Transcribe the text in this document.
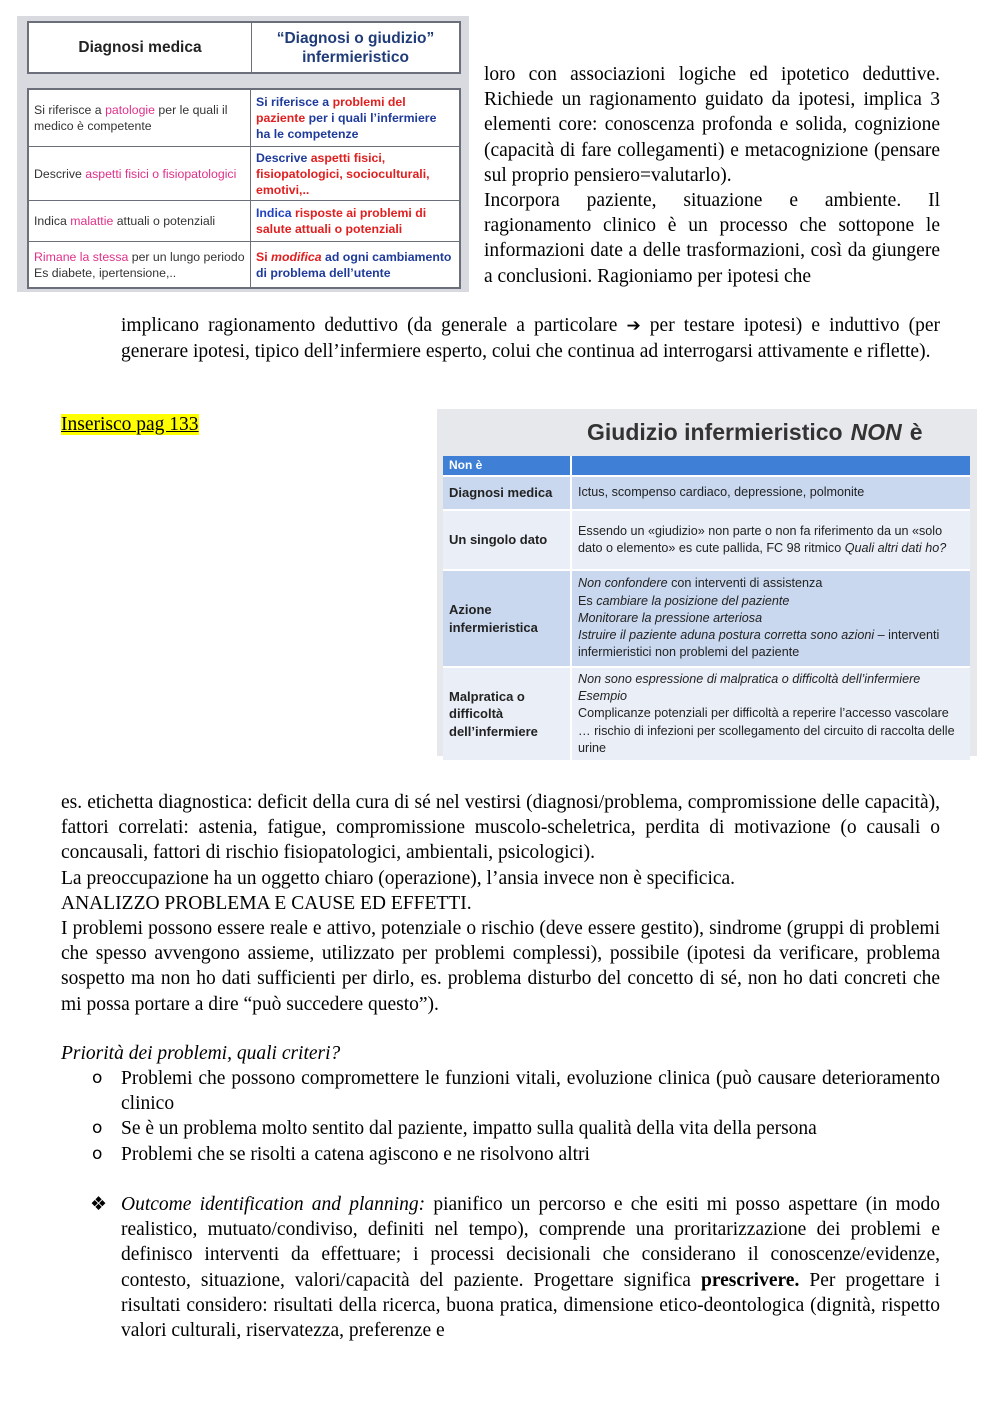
Diagnosi medica
“Diagnosi o giudizio” infermieristico
Si riferisce a patologie per le quali il medico è competente
Si riferisce a problemi del paziente per i quali l’infermiere ha le competenze
Descrive aspetti fisici o fisiopatologici
Descrive aspetti fisici, fisiopatologici, socioculturali, emotivi,..
Indica malattie attuali o potenziali
Indica risposte ai problemi di salute attuali o potenziali
Rimane la stessa per un lungo periodo Es diabete, ipertensione,..
Si modifica ad ogni cambiamento di problema dell’utente

loro con associazioni logiche ed ipotetico deduttive. Richiede un ragionamento guidato da ipotesi, implica 3 elementi core: conoscenza profonda e solida, cognizione (capacità di fare collegamenti) e metacognizione (pensare sul proprio pensiero=valutarlo).

Incorpora paziente, situazione e ambiente. Il ragionamento clinico è un processo che sottopone le informazioni date a delle trasformazioni, così da giungere a conclusioni. Ragioniamo per ipotesi che

implicano ragionamento deduttivo (da generale a particolare ➔ per testare ipotesi) e induttivo (per generare ipotesi, tipico dell’infermiere esperto, colui che continua ad interrogarsi attivamente e riflette).

Inserisco pag 133	Giudizio infermieristico NON è
Non è
Diagnosi medica	Ictus, scompenso cardiaco, depressione, polmonite
Un singolo dato
Essendo un «giudizio» non parte o non fa riferimento da un «solo dato o elemento» es cute pallida, FC 98 ritmico Quali altri dati ho?
Azione infermieristica
Non confondere con interventi di assistenza
Es cambiare la posizione del paziente
Monitorare la pressione arteriosa
Istruire il paziente aduna postura corretta sono azioni – interventi infermieristici non problemi del paziente
Malpratica o difficoltà dell’infermiere
Non sono espressione di malpratica o difficoltà dell’infermiere
Esempio
Complicanze potenziali per difficoltà a reperire l’accesso vascolare … rischio di infezioni per scollegamento del circuito di raccolta delle urine

es. etichetta diagnostica: deficit della cura di sé nel vestirsi (diagnosi/problema, compromissione delle capacità), fattori correlati: astenia, fatigue, compromissione muscolo-scheletrica, perdita di motivazione (o causali o concausali, fattori di rischio fisiopatologici, ambientali, psicologici).

La preoccupazione ha un oggetto chiaro (operazione), l’ansia invece non è specificica.

ANALIZZO PROBLEMA E CAUSE ED EFFETTI.

I problemi possono essere reale e attivo, potenziale o rischio (deve essere gestito), sindrome (gruppi di problemi che spesso avvengono assieme, utilizzato per problemi complessi), possibile (ipotesi da verificare, problema sospetto ma non ho dati sufficienti per dirlo, es. problema disturbo del concetto di sé, non ho dati concreti che mi possa portare a dire “può succedere questo”).

Priorità dei problemi, quali criteri?

o Problemi che possono compromettere le funzioni vitali, evoluzione clinica (può causare deterioramento clinico
o Se è un problema molto sentito dal paziente, impatto sulla qualità della vita della persona
o Problemi che se risolti a catena agiscono e ne risolvono altri

❖ Outcome identification and planning: pianifico un percorso e che esiti mi posso aspettare (in modo realistico, mutuato/condiviso, definiti nel tempo), comprende una proritarizzazione dei problemi e definisco interventi da effettuare; i processi decisionali che considerano il conoscenze/evidenze, contesto, situazione, valori/capacità del paziente. Progettare significa prescrivere. Per progettare i risultati considero: risultati della ricerca, buona pratica, dimensione etico-deontologica (dignità, rispetto valori culturali, riservatezza, preferenze e
